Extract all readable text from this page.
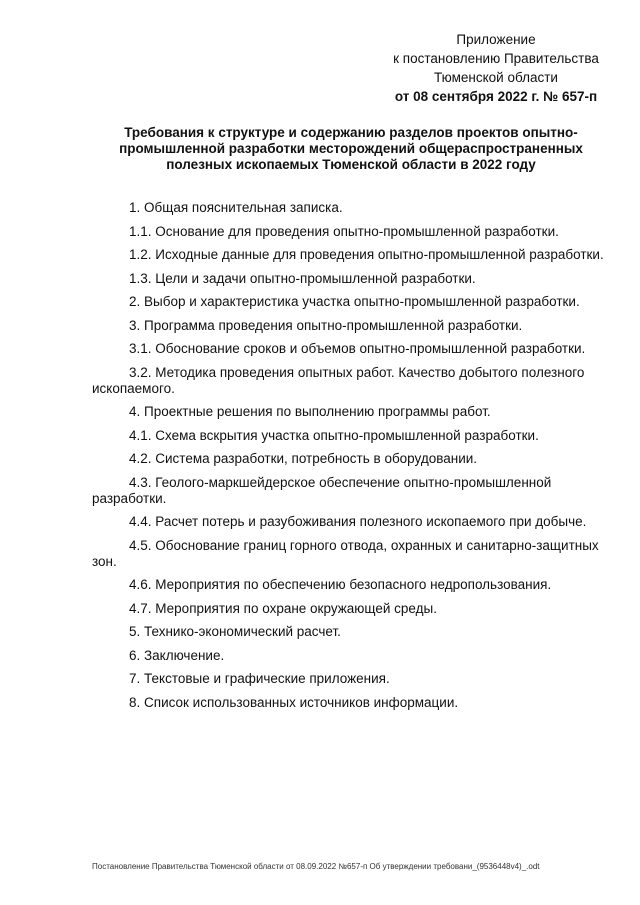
Приложение
к постановлению Правительства
Тюменской области
от 08 сентября 2022 г. № 657-п
Требования к структуре и содержанию разделов проектов опытно-
промышленной разработки месторождений общераспространенных
полезных ископаемых Тюменской области в 2022 году

1. Общая пояснительная записка.

1.1. Основание для проведения опытно-промышленной разработки.

1.2. Исходные данные для проведения опытно-промышленной разработки.

1.3. Цели и задачи опытно-промышленной разработки.

2. Выбор и характеристика участка опытно-промышленной разработки.

3. Программа проведения опытно-промышленной разработки.

3.1. Обоснование сроков и объемов опытно-промышленной разработки.

3.2. Методика проведения опытных работ. Качество добытого полезного ископаемого.

4. Проектные решения по выполнению программы работ.

4.1. Схема вскрытия участка опытно-промышленной разработки.

4.2. Система разработки, потребность в оборудовании.

4.3. Геолого-маркшейдерское обеспечение опытно-промышленной разработки.

4.4. Расчет потерь и разубоживания полезного ископаемого при добыче.

4.5. Обоснование границ горного отвода, охранных и санитарно-защитных зон.

4.6. Мероприятия по обеспечению безопасного недропользования.

4.7. Мероприятия по охране окружающей среды.

5. Технико-экономический расчет.

6. Заключение.

7. Текстовые и графические приложения.

8. Список использованных источников информации.

Постановление Правительства Тюменской области от 08.09.2022 №657-п Об утверждении требовани_(9536448v4)_.odt
